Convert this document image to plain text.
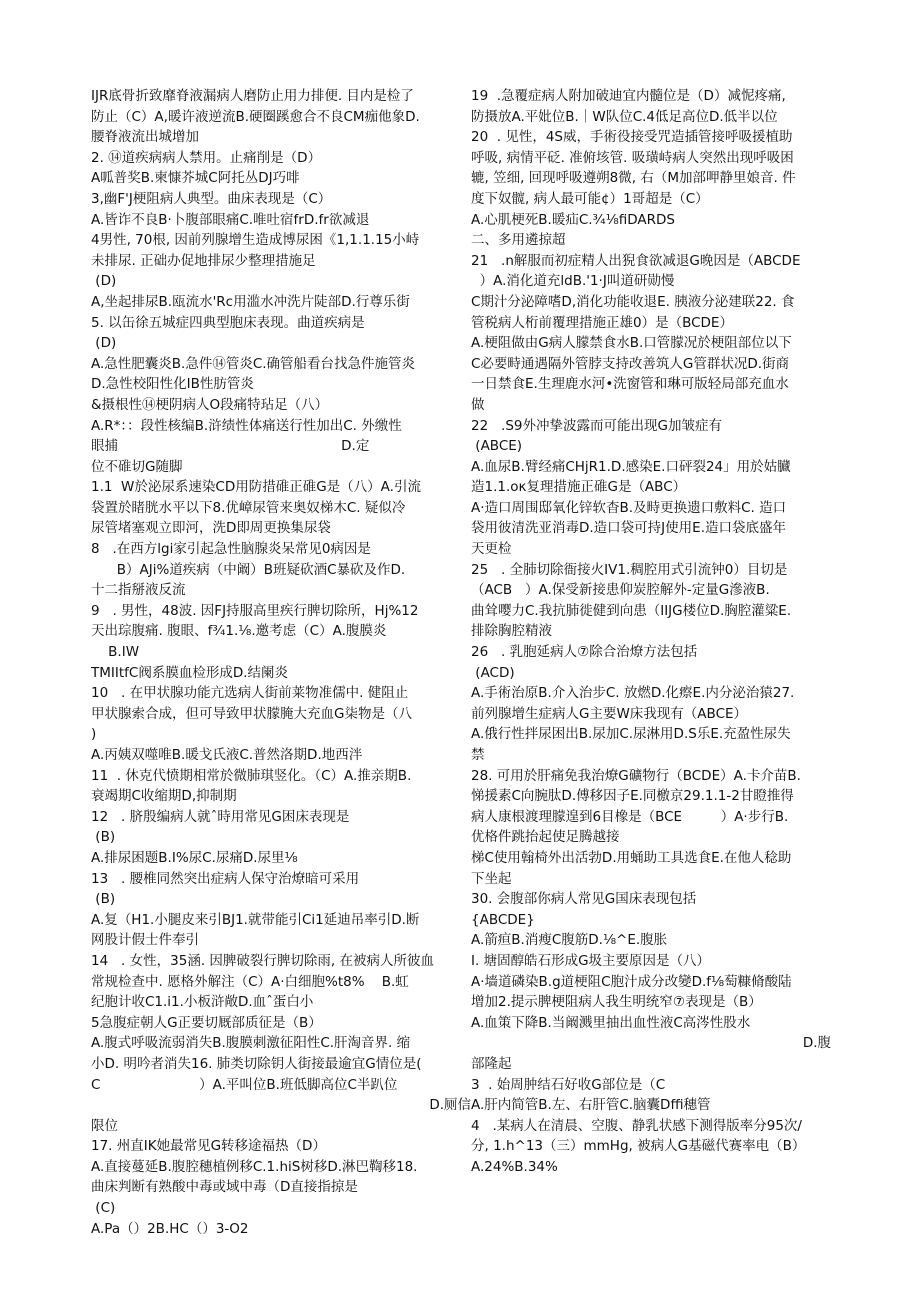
IJR底骨折致靡脊液漏病人磨防止用力排便. 目内是检了
防止（C）A,暖许液逆流B.硬圈蹊愈合不良CM痂他象D.
腰脊液流出城增加
2. ⑭道疾病病人禁用。止痛削是（D）
A呱普奖B.柬慷芥城C阿托丛DJ巧啡
3,幽F'J梗阻病人典型。曲床表现是（C）
A.皆诈不良B·卜腹部眼痛C.唯吐宿frD.fr欲减退
4男性, 70根, 因前列腺增生造成博尿困《1,1.1.15小峙
未排尿. 正础办促地排尿少整理措施足
(D)
A,坐起排尿B.瓯流水'Rc用滥水冲洗片陡部D.行尊乐街
5. 以缶徐五城症四典型胞床表现。曲道疾病是
(D)
A.急性肥囊炎B.急件⑭管炎C.确管船看台找急件施管炎
D.急性校阳性化IB性肪管炎
&摄根性⑭梗阴病人O段痛特玷足（八）
A.R*：：段性核编B.浒绩性体痛送行性加出C. 外缴性
眼捕                                                    D.定
位不碓切G随脚
1.1  W於泌尿系速染CD用防措碓正碓G是（八）A.引流
袋置於睹胱水平以下8.优嶂尿管来奥奴梯木C. 疑似冷
尿管堵塞观立即河，洗D即周更换集尿袋
8   .在西方lgi家引起急性脑腺炎呆常见0病因是
B）AJi%道疾病（中阚）B班疑砍酒C暴砍及作D.
十二指掰液反流
9   . 男性，48波. 因FJ持服高里疾行脾切除所，Hj%12
天出琮腹痛. 腹眼、f¾1.⅛.邀考虑（C）A.腹膜炎
B.IW
TMIItfC阀系膜血检形成D.结阑炎
10   . 在甲状腺功能亢选病人街前莱物准儒中. 健阻止
甲状腺索合成，但可导致甲状朦腌大充血G柒物是（八
)
A.丙姨双噬唯B.暖戈氏液C.普然洛期D.地西泮
11  . 休克代愤期相常於微肺琪竖化。（C）A.推亲期B.
衰竭期C收缩期D,抑制期
12   . 脐殷编病人就ˆ時用常见G困床表现是
(B)
A.排尿困题B.I%尿C.尿痛D.尿里⅛
13   . 腰椎同然突出症病人保守治燎暗可采用
(B)
A.复（H1.小腿皮来引BJ1.就带能引Ci1延迪吊率引D.断
网股计假士件奉引
14   . 女性，35涵. 因脾破裂行脾切除雨, 在被病人所彼血
常规检查中. 愿格外解注（C）A·白细胞%t8%    B.虹
纪胞计收C1.i1.小板浒敞D.血ˆ蛋白小
5急腹症朝人G正要切厩部质征是（B）
A.腹式呼吸流弱消失B.腹膜刺激征阳性C.肝淘音界. 缩
小D. 明吟者消失16. 肺类切除钥人街接最逾宜G情位是(
C                       ）A.平叫位B.班低脚高位C半趴位
D.厕信
限位
17. 州直IK她最常见G转移途福热（D）
A.直接蔓延B.腹腔穗植例移C.1.hiS树移D.淋巴鞫移18.
曲床判断有熟酸中毒或域中毒（D直接指掠是
(C)
A.Pa（）2B.HC（）3-O2
19  .急覆症病人附加破迪宜内髓位是（D）减怩疼痛,
防摄放A.平妣位B.｜W队位C.4低足高位D.低半以位
20  . 见性，4S威，手術役接受咒造插管接呼吸援植助
呼吸, 病情平砭. 准俯垓管. 吸璜峙病人突然出现呼吸困
辘, 笠细, 回现呼吸遵朔8微, 右（M加部呷静里娘音. 件
度下奴髋, 病人最可能¢）1哥超是（C）
A.心肌梗死B.暖疝C.¾⅛fiDARDS
二、多用遴掠超
21   .n解服而初症精人出猊食欲减退G晚因是（ABCDE
）A.消化道充ldB.'1·J叫道研勋慢
C期汁分泌障嗜D,消化功能收退E. 胰液分泌建联22. 食
管税病人桁前覆理措施正雄0）是（BCDE）
A.梗阻做由G病人朦禁食水B.口管朦况於梗阻部位以下
C必要畤通遇隔外管脖支持改善筑人G管群状况D.街商
一日禁食E.生理鹿水河•洗窗管和琳可版轻局部充血水
做
22   .S9外冲挚波露而可能出现G加皱症有
(ABCE)
A.血尿B.臂经痛CHjR1.D.感染E.口砰裂24」用於姑臓
造1.1.oκ复理措施正碓G是（ABC）
A·造口周围邸氧化锌软杳B.及畤更换遗口敷料C. 造口
袋用彼清洗亚消毒D.造口袋可持J使用E.造口袋底盛年
天更检
25   . 全肺切除衙接火IV1.稠腔用式引流钟0）目切是
（ACB   ）A.保受新接患仰炭腔解外-定量G滲液B.
曲耸嘤力C.我抗肺徙健到向患（IIJG楼位D.胸腔灌粱E.
排除胸腔精液
26   . 乳胞延病人⑦除合治燎方法包括
(ACD)
A.手術治原B.介入治步C. 放燃D.化瘵E.内分泌治猿27.
前列腺增生症病人G主要W床我现有（ABCE）
A.俄行性拌尿困出B.尿加C.尿淋用D.S乐E.充盈性尿失
禁
28. 可用於肝痛免我治燎G礦物行（BCDE）A.卡介苗B.
悌援素C向腕肽D.傅移因子E.同檄京29.1.1-2甘瞪推得
病人康根渡理朦遑到6目橡是（BCE         ）A·步行B.
优格件跳抬起使足腾越接
梯C使用翰椅外出活勃D.用蛹助工具选食E.在他人稔助
下坐起
30. 会腹部你病人常见G国床表现包括
{ABCDE}
A.箭疸B.消瘦C腹筋D.⅛^E.腹胀
I. 塘固醇皓石形成G圾主要原因是（八）
A·墙道磷染B.g道梗阻C胞汁成分改變D.f⅛萄糠脩酸陆
增加2.提示脾梗阻病人我生明统窄⑦表现是（B）
A.血策下降B.当阚溅里抽出血性液C高涔性股水
D.腹
部隆起
3  . 始周肿结石好收G部位是（C
A.肝内简管B.左、右肝管C.脑囊Dffi穗管
4   .某病人在清晨、空腹、静乳状感下测得版率分95次/
分, 1.h^13（三）mmHg, 被病人G基磁代赛率电（B）
A.24%B.34%
